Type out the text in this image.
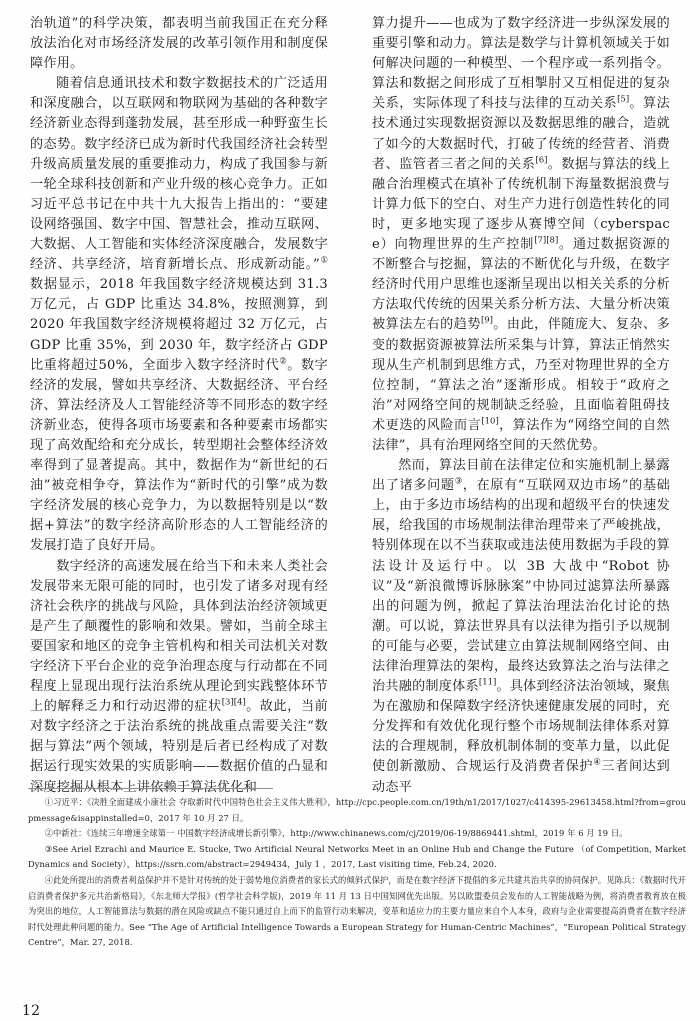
治轨道”的科学决策，都表明当前我国正在充分释放法治化对市场经济发展的改革引领作用和制度保障作用。

随着信息通讯技术和数字数据技术的广泛适用和深度融合，以互联网和物联网为基础的各种数字经济新业态得到蓬勃发展，甚至形成一种野蛮生长的态势。数字经济已成为新时代我国经济社会转型升级高质量发展的重要推动力，构成了我国参与新一轮全球科技创新和产业升级的核心竞争力。正如习近平总书记在中共十九大报告上指出的：“要建设网络强国、数字中国、智慧社会，推动互联网、大数据、人工智能和实体经济深度融合，发展数字经济、共享经济，培育新增长点、形成新动能。”①数据显示，2018 年我国数字经济规模达到 31.3 万亿元，占 GDP 比重达 34.8%，按照测算，到 2020 年我国数字经济规模将超过 32 万亿元，占 GDP 比重 35%，到 2030 年，数字经济占 GDP 比重将超过50%，全面步入数字经济时代②。数字经济的发展，譬如共享经济、大数据经济、平台经济、算法经济及人工智能经济等不同形态的数字经济新业态，使得各项市场要素和各种要素市场都实现了高效配给和充分成长，转型期社会整体经济效率得到了显著提高。其中，数据作为“新世纪的石油”被竞相争夺，算法作为“新时代的引擎”成为数字经济发展的核心竞争力，为以数据特别是以“数据+算法”的数字经济高阶形态的人工智能经济的发展打造了良好开局。

数字经济的高速发展在给当下和未来人类社会发展带来无限可能的同时，也引发了诸多对现有经济社会秩序的挑战与风险，具体到法治经济领域更是产生了颠覆性的影响和效果。譬如，当前全球主要国家和地区的竞争主管机构和相关司法机关对数字经济下平台企业的竞争治理态度与行动都在不同程度上显现出现行法治系统从理论到实践整体环节上的解释乏力和行动迟滞的症状[3][4]。故此，当前对数字经济之于法治系统的挑战重点需要关注“数据与算法”两个领域，特别是后者已经构成了对数据运行现实效果的实质影响——数据价值的凸显和深度挖掘从根本上讲依赖于算法优化和

算力提升——也成为了数字经济进一步纵深发展的重要引擎和动力。算法是数学与计算机领域关于如何解决问题的一种模型、一个程序或一系列指令。算法和数据之间形成了互相掣肘又互相促进的复杂关系，实际体现了科技与法律的互动关系[5]。算法技术通过实现数据资源以及数据思维的融合，造就了如今的大数据时代，打破了传统的经营者、消费者、监管者三者之间的关系[6]。数据与算法的线上融合治理模式在填补了传统机制下海量数据浪费与计算力低下的空白、对生产力进行创造性转化的同时，更多地实现了逐步从赛博空间（cyberspace）向物理世界的生产控制[7][8]。通过数据资源的不断整合与挖掘，算法的不断优化与升级，在数字经济时代用户思维也逐渐呈现出以相关关系的分析方法取代传统的因果关系分析方法、大量分析决策被算法左右的趋势[9]。由此，伴随庞大、复杂、多变的数据资源被算法所采集与计算，算法正悄然实现从生产机制到思维方式，乃至对物理世界的全方位控制，“算法之治”逐渐形成。相较于“政府之治”对网络空间的规制缺乏经验，且面临着阻碍技术更迭的风险而言[10]，算法作为“网络空间的自然法律”，具有治理网络空间的天然优势。

然而，算法目前在法律定位和实施机制上暴露出了诸多问题③，在原有“互联网双边市场”的基础上，由于多边市场结构的出现和超级平台的快速发展，给我国的市场规制法律治理带来了严峻挑战，特别体现在以不当获取或违法使用数据为手段的算法设计及运行中。以 3B 大战中“Robot 协议”及“新浪微博诉脉脉案”中协同过滤算法所暴露出的问题为例，掀起了算法治理法治化讨论的热潮。可以说，算法世界具有以法律为指引予以规制的可能与必要，尝试建立由算法规制网络空间、由法律治理算法的架构，最终达致算法之治与法律之治共融的制度体系[11]。具体到经济法治领域，聚焦为在激励和保障数字经济快速健康发展的同时，充分发挥和有效优化现行整个市场规制法律体系对算法的合理规制，释放机制体制的变革力量，以此促使创新激励、合规运行及消费者保护④三者间达到动态平

①习近平：《决胜全面建成小康社会 夺取新时代中国特色社会主义伟大胜利》，http://cpc.people.com.cn/19th/n1/2017/1027/c414395-29613458.html?from=groupmessage&isappinstalled=0，2017 年 10 月 27 日。

②中新社：《连续三年增速全球第一 中国数字经济成增长新引擎》，http://www.chinanews.com/cj/2019/06-19/8869441.shtml，2019 年 6 月 19 日。

③See Ariel Ezrachi and Maurice E. Stucke, Two Artificial Neural Networks Meet in an Online Hub and Change the Future （of Competition, Market Dynamics and Society），https://ssrn.com/abstract=2949434，July 1 ，2017, Last visiting time, Feb.24, 2020.

④此处所提出的消费者利益保护并不是针对传统的处于弱势地位消费者的家长式的倾斜式保护，而是在数字经济下提倡的多元共建共治共享的协同保护。见陈兵：《数据时代开启消费者保护多元共治新格局》，《东北师大学报》(哲学社会科学版)，2019 年 11 月 13 日中国知网优先出版。另以欧盟委员会发布的人工智能战略为例，将消费者教育放在极为突出的地位，人工智能算法与数据的潜在风险或缺点不能只通过自上而下的监管行动来解决，变革和适应力的主要力量应来自个人本身，政府与企业需要提高消费者在数字经济时代处理此种问题的能力。See “The Age of Artificial Intelligence Towards a European Strategy for Human-Centric Machines”，“European Political Strategy Centre”，Mar. 27, 2018.

12
